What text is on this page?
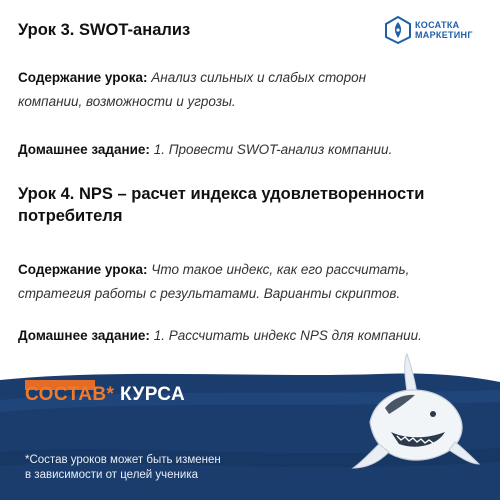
КОСАТКА
МАРКЕТИНГ
Урок 3. SWOT-анализ
Содержание урока: Анализ сильных и слабых сторон
компании, возможности и угрозы.
Домашнее задание: 1. Провести SWOT-анализ компании.
Урок 4. NPS – расчет индекса удовлетворенности
потребителя
Содержание урока: Что такое индекс, как его рассчитать,
стратегия работы с результатами. Варианты скриптов.
Домашнее задание: 1. Рассчитать индекс NPS для компании.
СОСТАВ* КУРСА
*Состав уроков может быть изменен
в зависимости от целей ученика
